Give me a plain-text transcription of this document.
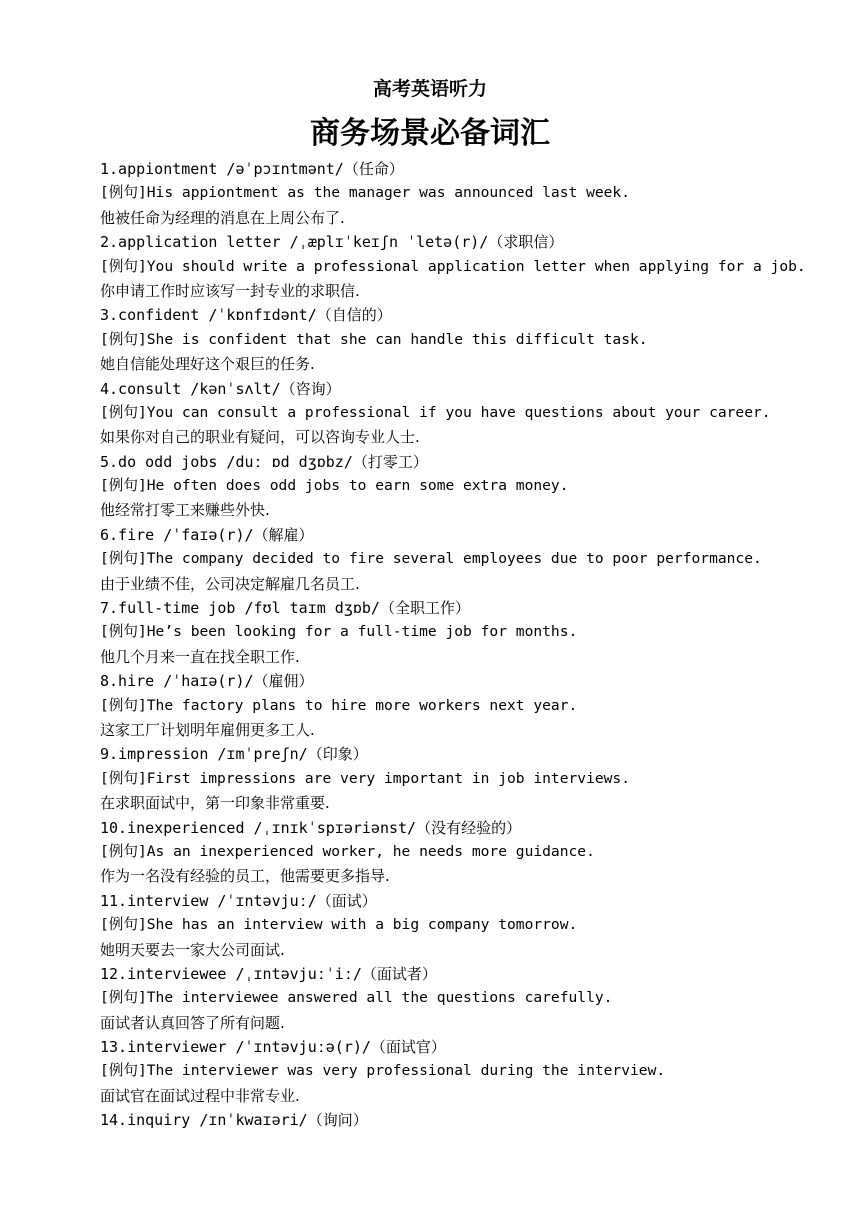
高考英语听力
商务场景必备词汇
1.appiontment /əˈpɔɪntmənt/（任命）
[例句]His appiontment as the manager was announced last week.
他被任命为经理的消息在上周公布了.
2.application letter /ˌæplɪˈkeɪʃn ˈletə(r)/（求职信）
[例句]You should write a professional application letter when applying for a job.
你申请工作时应该写一封专业的求职信.
3.confident /ˈkɒnfɪdənt/（自信的）
[例句]She is confident that she can handle this difficult task.
她自信能处理好这个艰巨的任务.
4.consult /kənˈsʌlt/（咨询）
[例句]You can consult a professional if you have questions about your career.
如果你对自己的职业有疑问，可以咨询专业人士.
5.do odd jobs /duː ɒd dʒɒbz/（打零工）
[例句]He often does odd jobs to earn some extra money.
他经常打零工来赚些外快.
6.fire /ˈfaɪə(r)/（解雇）
[例句]The company decided to fire several employees due to poor performance.
由于业绩不佳，公司决定解雇几名员工.
7.full-time job /fʊl taɪm dʒɒb/（全职工作）
[例句]He’s been looking for a full-time job for months.
他几个月来一直在找全职工作.
8.hire /ˈhaɪə(r)/（雇佣）
[例句]The factory plans to hire more workers next year.
这家工厂计划明年雇佣更多工人.
9.impression /ɪmˈpreʃn/（印象）
[例句]First impressions are very important in job interviews.
在求职面试中，第一印象非常重要.
10.inexperienced /ˌɪnɪkˈspɪəriənst/（没有经验的）
[例句]As an inexperienced worker, he needs more guidance.
作为一名没有经验的员工，他需要更多指导.
11.interview /ˈɪntəvjuː/（面试）
[例句]She has an interview with a big company tomorrow.
她明天要去一家大公司面试.
12.interviewee /ˌɪntəvjuːˈiː/（面试者）
[例句]The interviewee answered all the questions carefully.
面试者认真回答了所有问题.
13.interviewer /ˈɪntəvjuːə(r)/（面试官）
[例句]The interviewer was very professional during the interview.
面试官在面试过程中非常专业.
14.inquiry /ɪnˈkwaɪəri/（询问）
